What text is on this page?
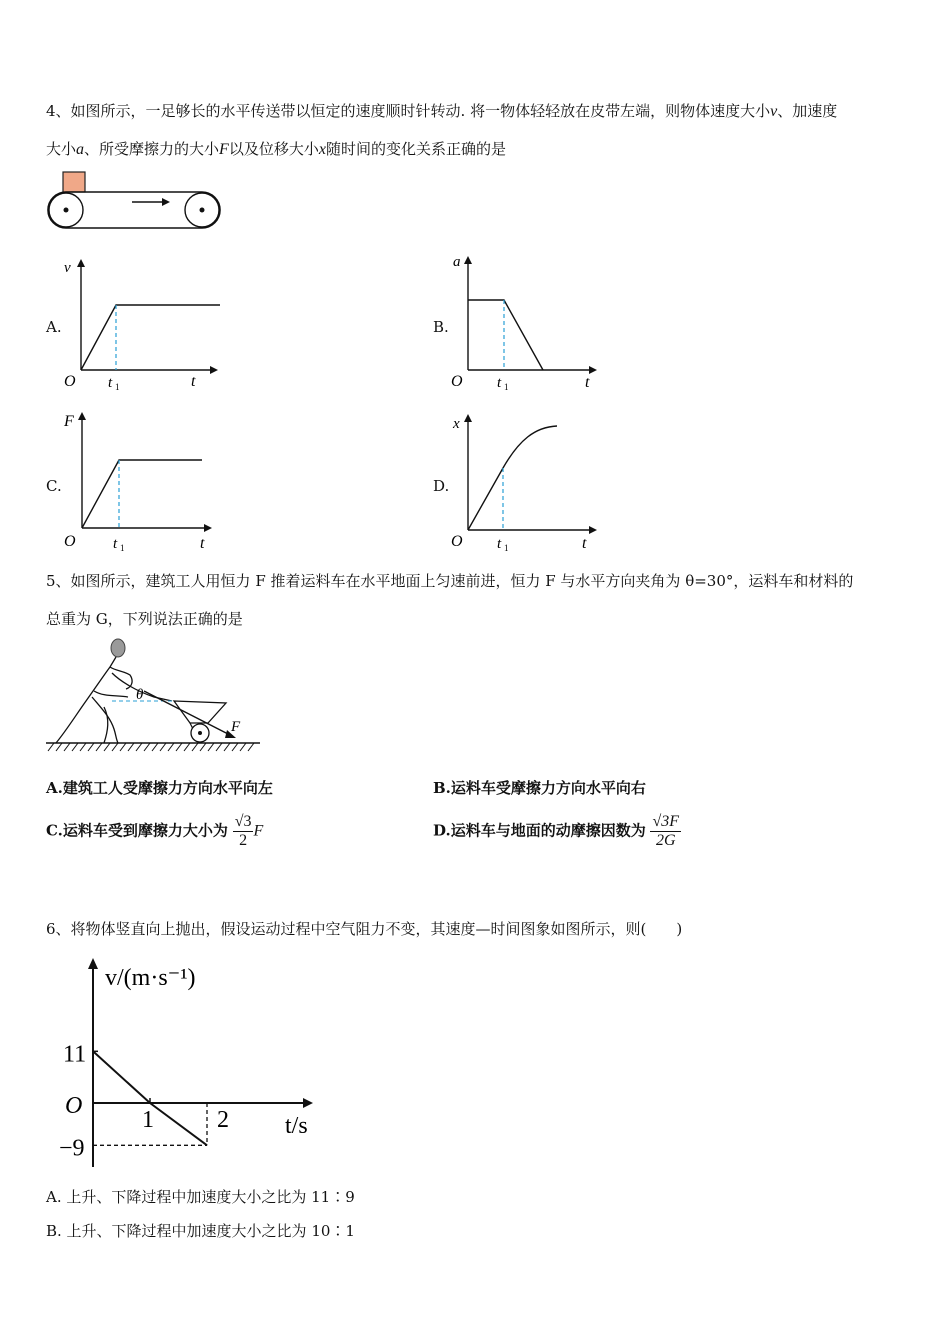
4、如图所示，一足够长的水平传送带以恒定的速度顺时针转动. 将一物体轻轻放在皮带左端，则物体速度大小v、加速度
大小a、所受摩擦力的大小F以及位移大小x随时间的变化关系正确的是
A.
v
O	t
t 1
B.
a
O	t
t 1
C.
F
O	t
t 1
D.
x
O	t
t 1
5、如图所示，建筑工人用恒力 F 推着运料车在水平地面上匀速前进，恒力 F 与水平方向夹角为 θ=30°，运料车和材料的
总重为 G，下列说法正确的是
θ
F
A.建筑工人受摩擦力方向水平向左	B.运料车受摩擦力方向水平向右
C.运料车受到摩擦力大小为 $\frac{√3}{2}$ F	D.运料车与地面的动摩擦因数为 $\frac{√3F}{2G}$
6、将物体竖直向上抛出，假设运动过程中空气阻力不变，其速度—时间图象如图所示，则(　　)
1	2
11
O
−9
v/(m·s⁻¹)
t/s
A. 上升、下降过程中加速度大小之比为 11∶9
B. 上升、下降过程中加速度大小之比为 10∶1
